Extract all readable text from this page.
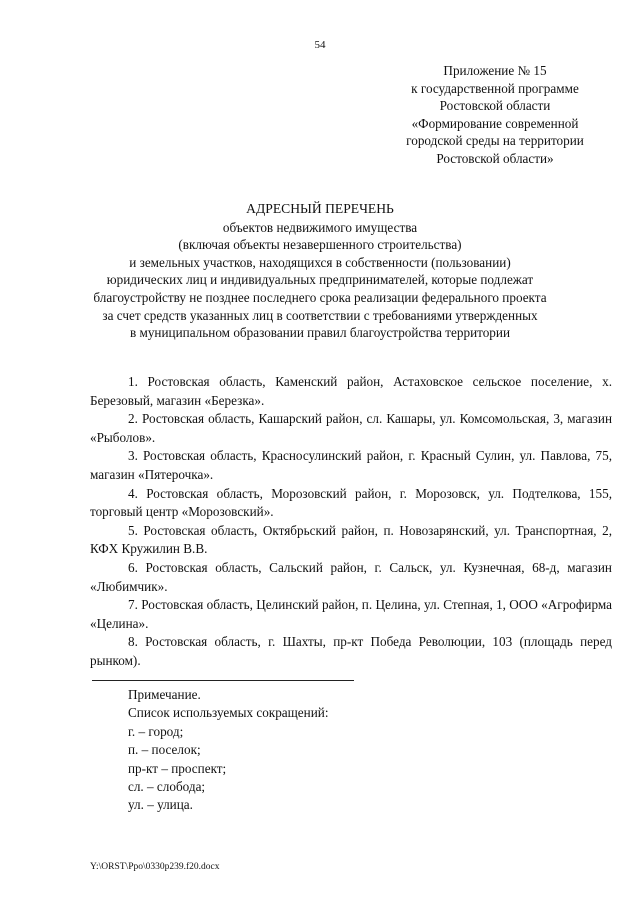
54
Приложение № 15
к государственной программе
Ростовской области
«Формирование современной
городской среды на территории
Ростовской области»
АДРЕСНЫЙ ПЕРЕЧЕНЬ
объектов недвижимого имущества
(включая объекты незавершенного строительства)
и земельных участков, находящихся в собственности (пользовании)
юридических лиц и индивидуальных предпринимателей, которые подлежат
благоустройству не позднее последнего срока реализации федерального проекта
за счет средств указанных лиц в соответствии с требованиями утвержденных
в муниципальном образовании правил благоустройства территории

1. Ростовская область, Каменский район, Астаховское сельское поселение, х. Березовый, магазин «Березка».

2. Ростовская область, Кашарский район, сл. Кашары, ул. Комсомольская, 3, магазин «Рыболов».

3. Ростовская область, Красносулинский район, г. Красный Сулин, ул. Павлова, 75, магазин «Пятерочка».

4. Ростовская область, Морозовский район, г. Морозовск, ул. Подтелкова, 155, торговый центр «Морозовский».

5. Ростовская область, Октябрьский район, п. Новозарянский, ул. Транспортная, 2, КФХ Кружилин В.В.

6. Ростовская область, Сальский район, г. Сальск, ул. Кузнечная, 68-д, магазин «Любимчик».

7. Ростовская область, Целинский район, п. Целина, ул. Степная, 1, ООО «Агрофирма «Целина».

8. Ростовская область, г. Шахты, пр-кт Победа Революции, 103 (площадь перед рынком).

Примечание.
Список используемых сокращений:
г. – город;
п. – поселок;
пр-кт – проспект;
сл. – слобода;
ул. – улица.
Y:\ORST\Ppo\0330p239.f20.docx
